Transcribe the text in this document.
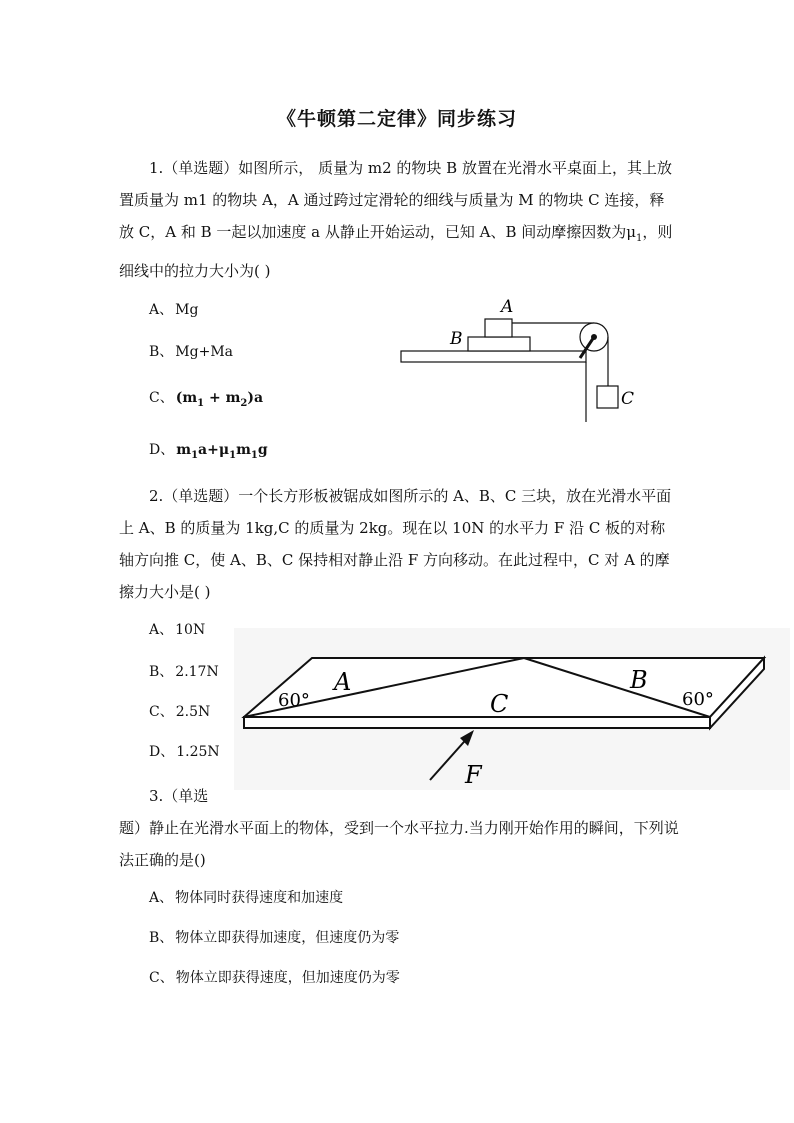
《牛顿第二定律》同步练习
1.（单选题）如图所示， 质量为 m2 的物块 B 放置在光滑水平桌面上，其上放置质量为 m1 的物块 A，A 通过跨过定滑轮的细线与质量为 M 的物块 C 连接，释放 C，A 和 B 一起以加速度 a 从静止开始运动，已知 A、B 间动摩擦因数为$\mu_1$，则细线中的拉力大小为( )
A、 Mg
B、 Mg+Ma
C、 $(m_1 + m_2)a$
D、 $m_1a+\mu_1m_1g$
A
B
C
2.（单选题）一个长方形板被锯成如图所示的 A、B、C 三块，放在光滑水平面上 A、B 的质量为 1kg,C 的质量为 2kg。现在以 10N 的水平力 F 沿 C 板的对称轴方向推 C，使 A、B、C 保持相对静止沿 F 方向移动。在此过程中，C 对 A 的摩擦力大小是( )
A、 10N
B、 2.17N
C、 2.5N
D、 1.25N
60°	60°
A	B
C
F
3.（单选
题）静止在光滑水平面上的物体，受到一个水平拉力.当力刚开始作用的瞬间，下列说法正确的是()
A、 物体同时获得速度和加速度
B、 物体立即获得加速度，但速度仍为零
C、 物体立即获得速度，但加速度仍为零
